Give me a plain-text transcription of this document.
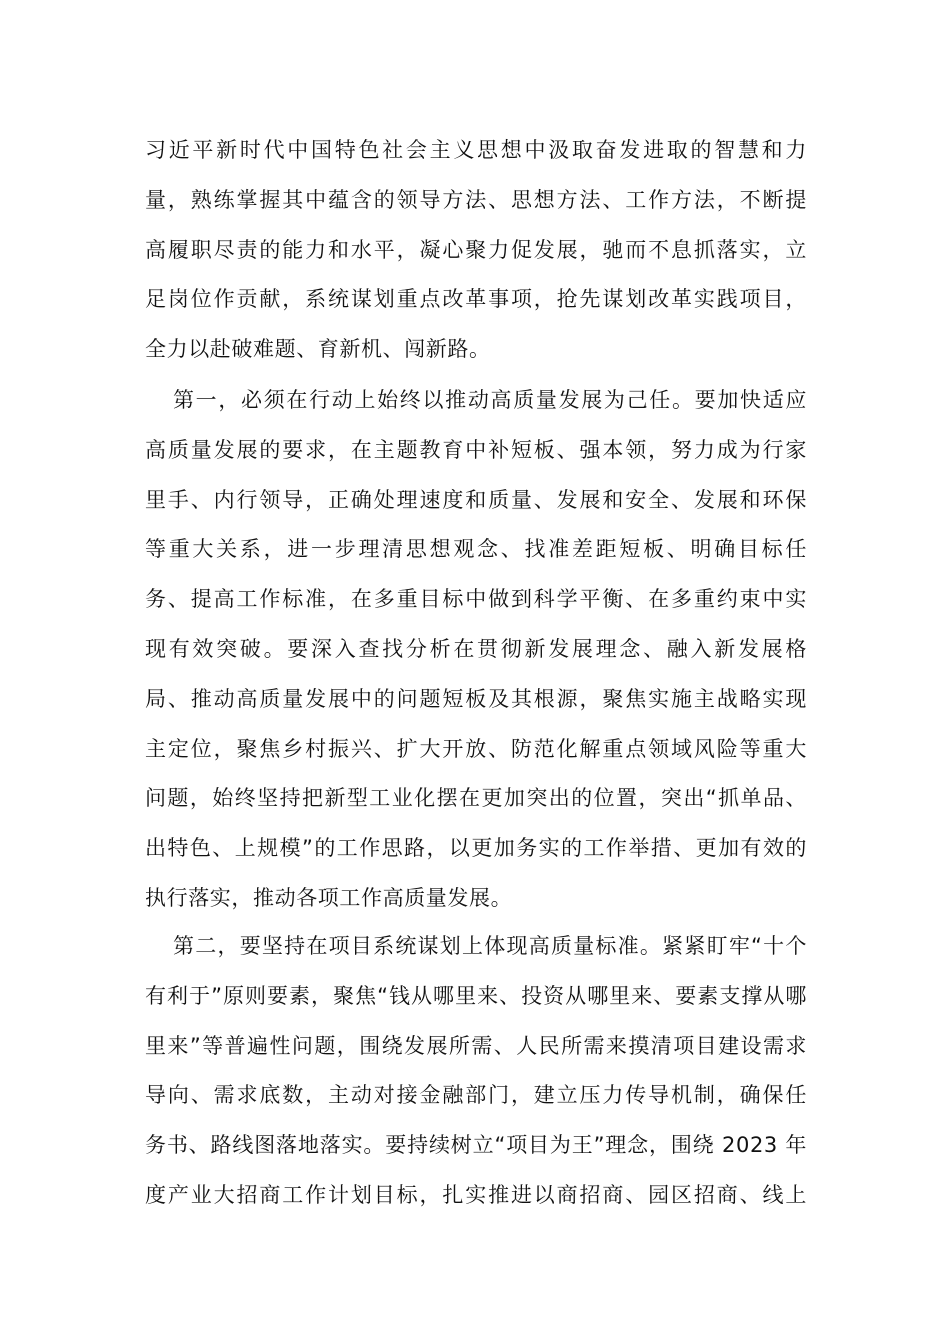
习近平新时代中国特色社会主义思想中汲取奋发进取的智慧和力
量，熟练掌握其中蕴含的领导方法、思想方法、工作方法，不断提
高履职尽责的能力和水平，凝心聚力促发展，驰而不息抓落实，立
足岗位作贡献，系统谋划重点改革事项，抢先谋划改革实践项目，
全力以赴破难题、育新机、闯新路。
第一，必须在行动上始终以推动高质量发展为己任。要加快适应
高质量发展的要求，在主题教育中补短板、强本领，努力成为行家
里手、内行领导，正确处理速度和质量、发展和安全、发展和环保
等重大关系，进一步理清思想观念、找准差距短板、明确目标任
务、提高工作标准，在多重目标中做到科学平衡、在多重约束中实
现有效突破。要深入查找分析在贯彻新发展理念、融入新发展格
局、推动高质量发展中的问题短板及其根源，聚焦实施主战略实现
主定位，聚焦乡村振兴、扩大开放、防范化解重点领域风险等重大
问题，始终坚持把新型工业化摆在更加突出的位置，突出“抓单品、
出特色、上规模”的工作思路，以更加务实的工作举措、更加有效的
执行落实，推动各项工作高质量发展。
第二，要坚持在项目系统谋划上体现高质量标准。紧紧盯牢“十个
有利于”原则要素，聚焦“钱从哪里来、投资从哪里来、要素支撑从哪
里来”等普遍性问题，围绕发展所需、人民所需来摸清项目建设需求
导向、需求底数，主动对接金融部门，建立压力传导机制，确保任
务书、路线图落地落实。要持续树立“项目为王”理念，围绕 2023 年
度产业大招商工作计划目标，扎实推进以商招商、园区招商、线上
